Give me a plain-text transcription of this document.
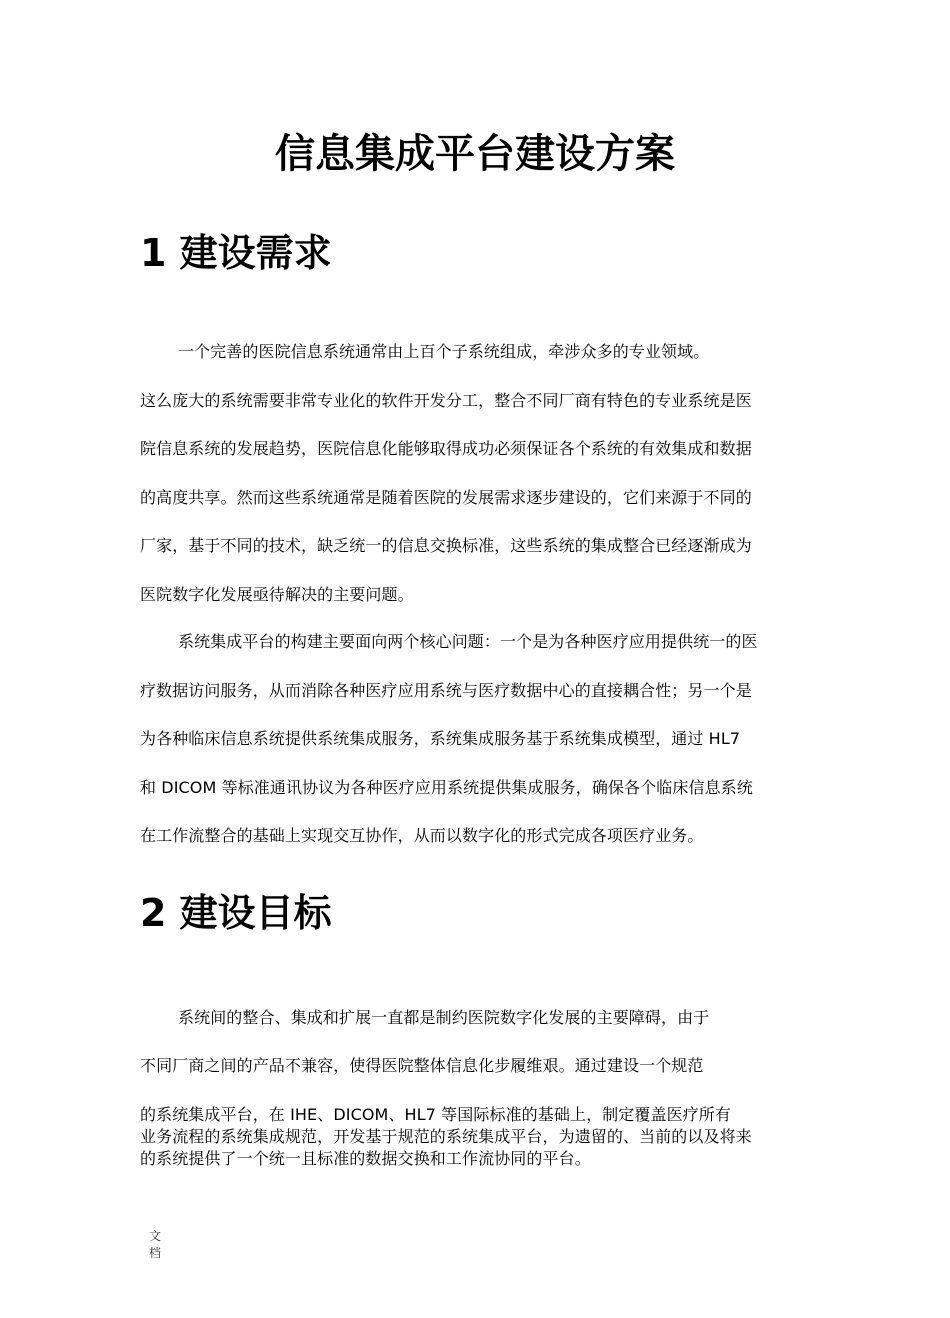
信息集成平台建设方案
1 建设需求
一个完善的医院信息系统通常由上百个子系统组成，牵涉众多的专业领域。
这么庞大的系统需要非常专业化的软件开发分工，整合不同厂商有特色的专业系统是医
院信息系统的发展趋势，医院信息化能够取得成功必须保证各个系统的有效集成和数据
的高度共享。然而这些系统通常是随着医院的发展需求逐步建设的，它们来源于不同的
厂家，基于不同的技术，缺乏统一的信息交换标准，这些系统的集成整合已经逐渐成为
医院数字化发展亟待解决的主要问题。
系统集成平台的构建主要面向两个核心问题：一个是为各种医疗应用提供统一的医
疗数据访问服务，从而消除各种医疗应用系统与医疗数据中心的直接耦合性；另一个是
为各种临床信息系统提供系统集成服务，系统集成服务基于系统集成模型，通过 HL7
和 DICOM 等标准通讯协议为各种医疗应用系统提供集成服务，确保各个临床信息系统
在工作流整合的基础上实现交互协作，从而以数字化的形式完成各项医疗业务。
2 建设目标
系统间的整合、集成和扩展一直都是制约医院数字化发展的主要障碍，由于
不同厂商之间的产品不兼容，使得医院整体信息化步履维艰。通过建设一个规范
的系统集成平台，在 IHE、DICOM、HL7 等国际标准的基础上，制定覆盖医疗所有
业务流程的系统集成规范，开发基于规范的系统集成平台，为遗留的、当前的以及将来
的系统提供了一个统一且标准的数据交换和工作流协同的平台。
文档
